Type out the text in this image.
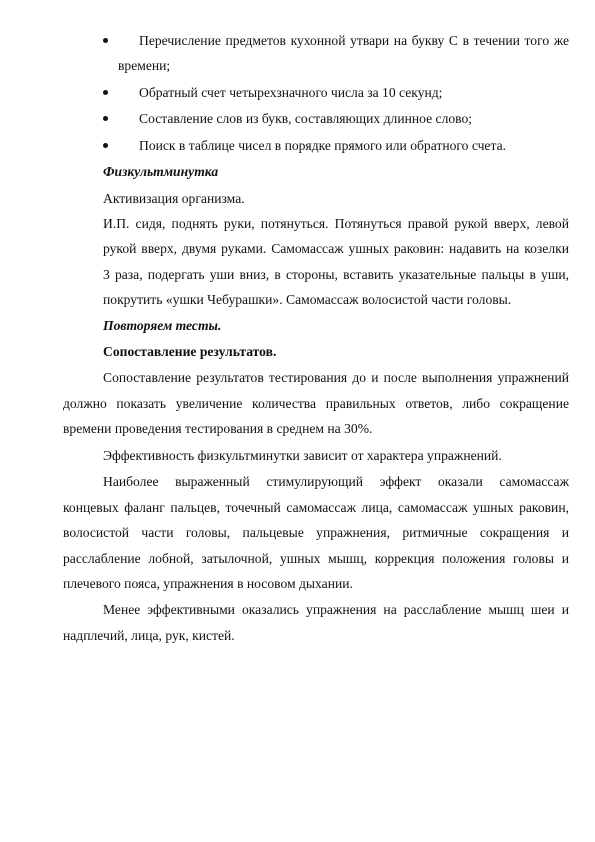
Перечисление предметов кухонной утвари на букву С в течении того же
времени;
Обратный счет четырехзначного числа за 10 секунд;
Составление слов из букв, составляющих длинное слово;
Поиск в таблице чисел в порядке прямого или обратного счета.
Физкультминутка
Активизация организма.
И.П. сидя, поднять руки, потянуться. Потянуться правой рукой вверх, левой
рукой вверх, двумя руками. Самомассаж ушных раковин: надавить на козелки
3 раза, подергать уши вниз, в стороны, вставить указательные пальцы в уши,
покрутить «ушки Чебурашки». Самомассаж волосистой части головы.
Повторяем тесты.
Сопоставление результатов.
Сопоставление результатов тестирования до и после выполнения упражнений
должно показать увеличение количества правильных ответов, либо сокращение
времени проведения тестирования в среднем на 30%.
Эффективность физкультминутки зависит от характера упражнений.
Наиболее выраженный стимулирующий эффект оказали самомассаж
концевых фаланг пальцев, точечный самомассаж лица, самомассаж ушных раковин,
волосистой части головы, пальцевые упражнения, ритмичные сокращения и
расслабление лобной, затылочной, ушных мышц, коррекция положения головы и
плечевого пояса, упражнения в носовом дыхании.
Менее эффективными оказались упражнения на расслабление мышц шеи и
надплечий, лица, рук, кистей.
